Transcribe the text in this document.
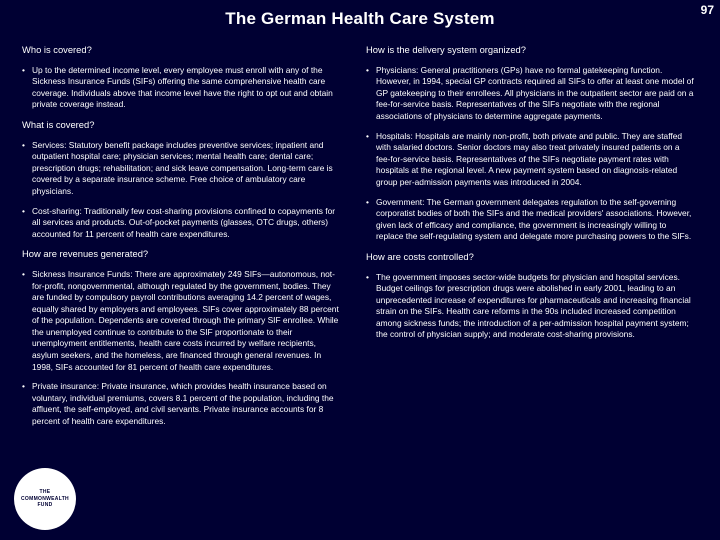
The German Health Care System	97
Who is covered?
• Up to the determined income level, every employee must enroll with any of the Sickness Insurance Funds (SIFs) offering the same comprehensive health care coverage. Individuals above that income level have the right to opt out and obtain private coverage instead.
What is covered?
• Services: Statutory benefit package includes preventive services; inpatient and outpatient hospital care; physician services; mental health care; dental care; prescription drugs; rehabilitation; and sick leave compensation. Long-term care is covered by a separate insurance scheme. Free choice of ambulatory care physicians.
• Cost-sharing: Traditionally few cost-sharing provisions confined to copayments for all services and products. Out-of-pocket payments (glasses, OTC drugs, others) accounted for 11 percent of health care expenditures.
How are revenues generated?
• Sickness Insurance Funds: There are approximately 249 SIFs—autonomous, not-for-profit, nongovernmental, although regulated by the government, bodies. They are funded by compulsory payroll contributions averaging 14.2 percent of wages, equally shared by employers and employees. SIFs cover approximately 88 percent of the population. Dependents are covered through the primary SIF enrollee. While the unemployed continue to contribute to the SIF proportionate to their unemployment entitlements, health care costs incurred by welfare recipients, asylum seekers, and the homeless, are financed through general revenues. In 1998, SIFs accounted for 81 percent of health care expenditures.
• Private insurance: Private insurance, which provides health insurance based on voluntary, individual premiums, covers 8.1 percent of the population, including the affluent, the self-employed, and civil servants. Private insurance accounts for 8 percent of health care expenditures.
How is the delivery system organized?
• Physicians: General practitioners (GPs) have no formal gatekeeping function. However, in 1994, special GP contracts required all SIFs to offer at least one model of GP gatekeeping to their enrollees. All physicians in the outpatient sector are paid on a fee-for-service basis. Representatives of the SIFs negotiate with the regional associations of physicians to determine aggregate payments.
• Hospitals: Hospitals are mainly non-profit, both private and public. They are staffed with salaried doctors. Senior doctors may also treat privately insured patients on a fee-for-service basis. Representatives of the SIFs negotiate payment rates with hospitals at the regional level. A new payment system based on diagnosis-related group per-admission payments was introduced in 2004.
• Government: The German government delegates regulation to the self-governing corporatist bodies of both the SIFs and the medical providers' associations. However, given lack of efficacy and compliance, the government is increasingly willing to replace the self-regulating system and delegate more purchasing powers to the SIFs.
How are costs controlled?
• The government imposes sector-wide budgets for physician and hospital services. Budget ceilings for prescription drugs were abolished in early 2001, leading to an unprecedented increase of expenditures for pharmaceuticals and increasing financial strain on the SIFs. Health care reforms in the 90s included increased competition among sickness funds; the introduction of a per-admission hospital payment system; the control of physician supply; and moderate cost-sharing provisions.
THE
COMMONWEALTH
FUND
